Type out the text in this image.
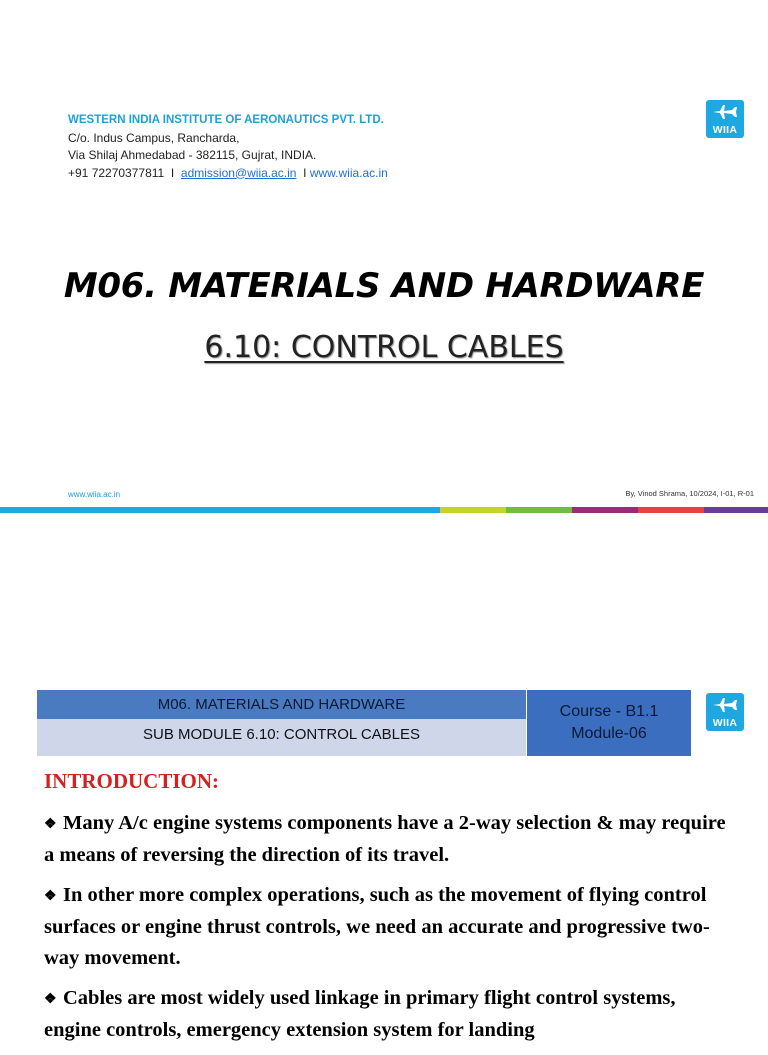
WESTERN INDIA INSTITUTE OF AERONAUTICS PVT. LTD.
C/o. Indus Campus, Rancharda,
Via Shilaj Ahmedabad - 382115, Gujrat, INDIA.
+91 72270377811 I admission@wiia.ac.in I www.wiia.ac.in
WIIA
M06. MATERIALS AND HARDWARE
6.10: CONTROL CABLES
www.wiia.ac.in	By, Vinod Shrama, 10/2024, I-01, R-01
M06. MATERIALS AND HARDWARE
SUB MODULE 6.10: CONTROL CABLES
Course - B1.1
Module-06
WIIA
INTRODUCTION:
❖ Many A/c engine systems components have a 2-way selection & may require a means of reversing the direction of its travel.
❖ In other more complex operations, such as the movement of flying control surfaces or engine thrust controls, we need an accurate and progressive two-way movement.
❖ Cables are most widely used linkage in primary flight control systems, engine controls, emergency extension system for landing
